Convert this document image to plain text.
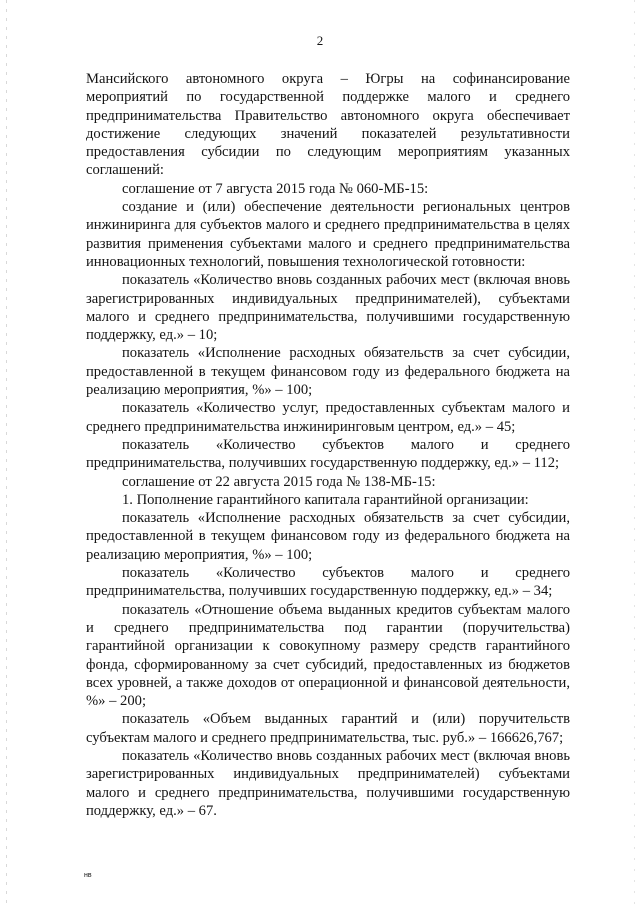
2

Мансийского автономного округа – Югры на софинансирование мероприятий по государственной поддержке малого и среднего предпринимательства Правительство автономного округа обеспечивает достижение следующих значений показателей результативности предоставления субсидии по следующим мероприятиям указанных соглашений:

соглашение от 7 августа 2015 года № 060-МБ-15:

создание и (или) обеспечение деятельности региональных центров инжиниринга для субъектов малого и среднего предпринимательства в целях развития применения субъектами малого и среднего предпринимательства инновационных технологий, повышения технологической готовности:

показатель «Количество вновь созданных рабочих мест (включая вновь зарегистрированных индивидуальных предпринимателей), субъектами малого и среднего предпринимательства, получившими государственную поддержку, ед.» – 10;

показатель «Исполнение расходных обязательств за счет субсидии, предоставленной в текущем финансовом году из федерального бюджета на реализацию мероприятия, %» – 100;

показатель «Количество услуг, предоставленных субъектам малого и среднего предпринимательства инжиниринговым центром, ед.» – 45;

показатель «Количество субъектов малого и среднего предпринимательства, получивших государственную поддержку, ед.» – 112;

соглашение от 22 августа 2015 года № 138-МБ-15:

1. Пополнение гарантийного капитала гарантийной организации:

показатель «Исполнение расходных обязательств за счет субсидии, предоставленной в текущем финансовом году из федерального бюджета на реализацию мероприятия, %» – 100;

показатель «Количество субъектов малого и среднего предпринимательства, получивших государственную поддержку, ед.» – 34;

показатель «Отношение объема выданных кредитов субъектам малого и среднего предпринимательства под гарантии (поручительства) гарантийной организации к совокупному размеру средств гарантийного фонда, сформированному за счет субсидий, предоставленных из бюджетов всех уровней, а также доходов от операционной и финансовой деятельности, %» – 200;

показатель «Объем выданных гарантий и (или) поручительств субъектам малого и среднего предпринимательства, тыс. руб.» – 166626,767;

показатель «Количество вновь созданных рабочих мест (включая вновь зарегистрированных индивидуальных предпринимателей) субъектами малого и среднего предпринимательства, получившими государственную поддержку, ед.» – 67.

нв
